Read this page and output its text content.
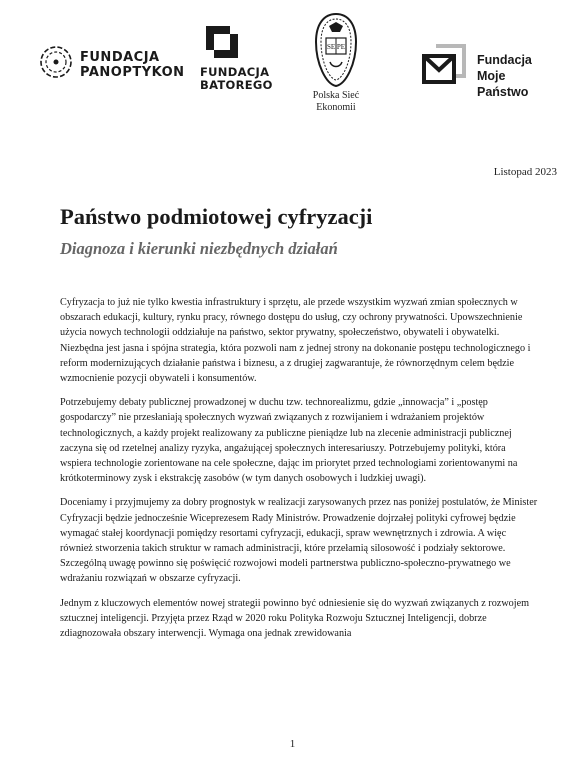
FUNDACJA
PANOPTYKON FUNDACJA
BATOREGO
SE PE
Polska Sieć
Ekonomii
Fundacja
Moje Państwo
Listopad 2023
Państwo podmiotowej cyfryzacji
Diagnoza i kierunki niezbędnych działań

Cyfryzacja to już nie tylko kwestia infrastruktury i sprzętu, ale przede wszystkim wyzwań zmian społecznych w obszarach edukacji, kultury, rynku pracy, równego dostępu do usług, czy ochrony prywatności. Upowszechnienie użycia nowych technologii oddziałuje na państwo, sektor prywatny, społeczeństwo, obywateli i obywatelki. Niezbędna jest jasna i spójna strategia, która pozwoli nam z jednej strony na dokonanie postępu technologicznego i reform modernizujących działanie państwa i biznesu, a z drugiej zagwarantuje, że równorzędnym celem będzie wzmocnienie pozycji obywateli i konsumentów.

Potrzebujemy debaty publicznej prowadzonej w duchu tzw. technorealizmu, gdzie „innowacja” i „postęp gospodarczy” nie przesłaniają społecznych wyzwań związanych z rozwijaniem i wdrażaniem projektów technologicznych, a każdy projekt realizowany za publiczne pieniądze lub na zlecenie administracji publicznej zaczyna się od rzetelnej analizy ryzyka, angażującej społecznych interesariuszy. Potrzebujemy polityki, która wspiera technologie zorientowane na cele społeczne, dając im priorytet przed technologiami zorientowanymi na krótkoterminowy zysk i ekstrakcję zasobów (w tym danych osobowych i ludzkiej uwagi).

Doceniamy i przyjmujemy za dobry prognostyk w realizacji zarysowanych przez nas poniżej postulatów, że Minister Cyfryzacji będzie jednocześnie Wiceprezesem Rady Ministrów. Prowadzenie dojrzałej polityki cyfrowej będzie wymagać stałej koordynacji pomiędzy resortami cyfryzacji, edukacji, spraw wewnętrznych i zdrowia. A więc również stworzenia takich struktur w ramach administracji, które przełamią silosowość i podziały sektorowe. Szczególną uwagę powinno się poświęcić rozwojowi modeli partnerstwa publiczno-społeczno-prywatnego we wdrażaniu rozwiązań w obszarze cyfryzacji.

Jednym z kluczowych elementów nowej strategii powinno być odniesienie się do wyzwań związanych z rozwojem sztucznej inteligencji. Przyjęta przez Rząd w 2020 roku Polityka Rozwoju Sztucznej Inteligencji, dobrze zdiagnozowała obszary interwencji. Wymaga ona jednak zrewidowania

1
